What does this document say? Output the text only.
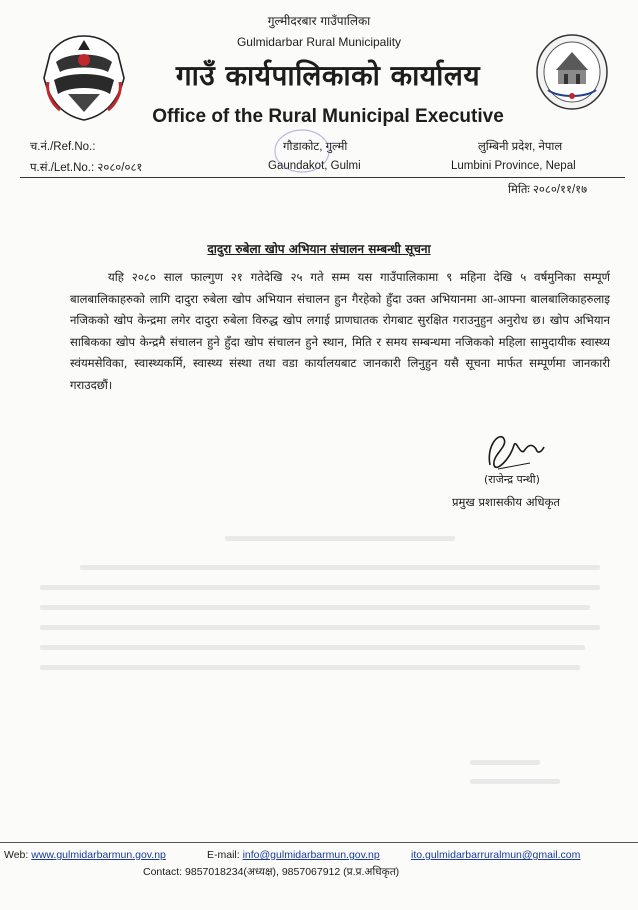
गुल्मीदरबार गाउँपालिका
Gulmidarbar Rural Municipality
गाउँ कार्यपालिकाको कार्यालय
Office of the Rural Municipal Executive
च.नं./Ref.No.:	गौडाकोट, गुल्मी	लुम्बिनी प्रदेश, नेपाल
प.सं./Let.No.: २०८०/०८१	Gaundakot, Gulmi	Lumbini Province, Nepal
मितिः २०८०/११/१७
दादुरा रुबेला खोप अभियान संचालन सम्बन्धी सूचना
यहि २०८० साल फाल्गुण २१ गतेदेखि २५ गते सम्म यस गाउँपालिकामा ९ महिना देखि ५ वर्षमुनिका सम्पूर्ण बालबालिकाहरुको लागि दादुरा रुबेला खोप अभियान संचालन हुन गैरहेको हुँदा उक्त अभियानमा आ-आफ्ना बालबालिकाहरुलाइ नजिकको खोप केन्द्रमा लगेर दादुरा रुबेला विरुद्ध खोप लगाई प्राणघातक रोगबाट सुरक्षित गराउनुहुन अनुरोध छ। खोप अभियान साबिकका खोप केन्द्रमै संचालन हुने हुँदा खोप संचालन हुने स्थान, मिति र समय सम्बन्धमा नजिकको महिला सामुदायीक स्वास्थ्य स्वंयमसेविका, स्वास्थ्यकर्मि, स्वास्थ्य संस्था तथा वडा कार्यालयबाट जानकारी लिनुहुन यसै सूचना मार्फत सम्पूर्णमा जानकारी गराउदछौं।
(राजेन्द्र पन्थी)
प्रमुख प्रशासकीय अधिकृत
Web: www.gulmidarbarmun.gov.np	E-mail: info@gulmidarbarmun.gov.np	ito.gulmidarbarruralmun@gmail.com
Contact: 9857018234(अध्यक्ष), 9857067912 (प्र.प्र.अधिकृत)
